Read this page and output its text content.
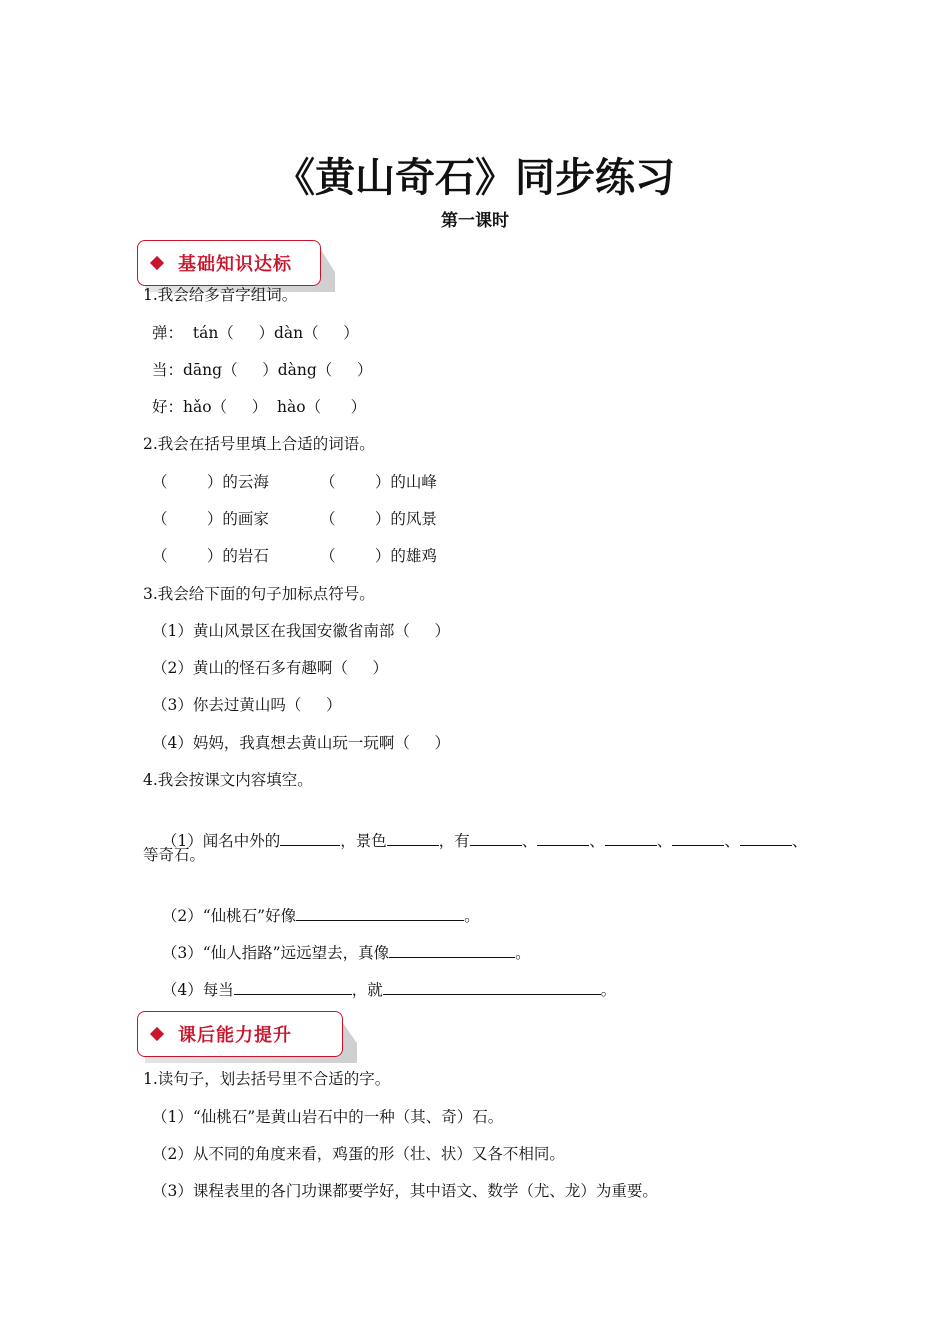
《黄山奇石》同步练习
第一课时
基础知识达标
1.我会给多音字组词。
弹：  tán（     ）dàn（     ）
当：dāng（     ）dàng（     ）
好：hǎo（     ）  hào（      ）
2.我会在括号里填上合适的词语。
（        ）的云海	（        ）的山峰
（        ）的画家	（        ）的风景
（        ）的岩石	（        ）的雄鸡
3.我会给下面的句子加标点符号。
（1）黄山风景区在我国安徽省南部（     ）
（2）黄山的怪石多有趣啊（     ）
（3）你去过黄山吗（     ）
（4）妈妈，我真想去黄山玩一玩啊（     ）
4.我会按课文内容填空。

（1）闻名中外的	，景色	，有	、	、	、	、	、

等奇石。

（2）“仙桃石”好像	。

（3）“仙人指路”远远望去，真像	。

（4）每当	，就	。

课后能力提升
1.读句子，划去括号里不合适的字。
（1）“仙桃石”是黄山岩石中的一种（其、奇）石。
（2）从不同的角度来看，鸡蛋的形（壮、状）又各不相同。
（3）课程表里的各门功课都要学好，其中语文、数学（尤、龙）为重要。
